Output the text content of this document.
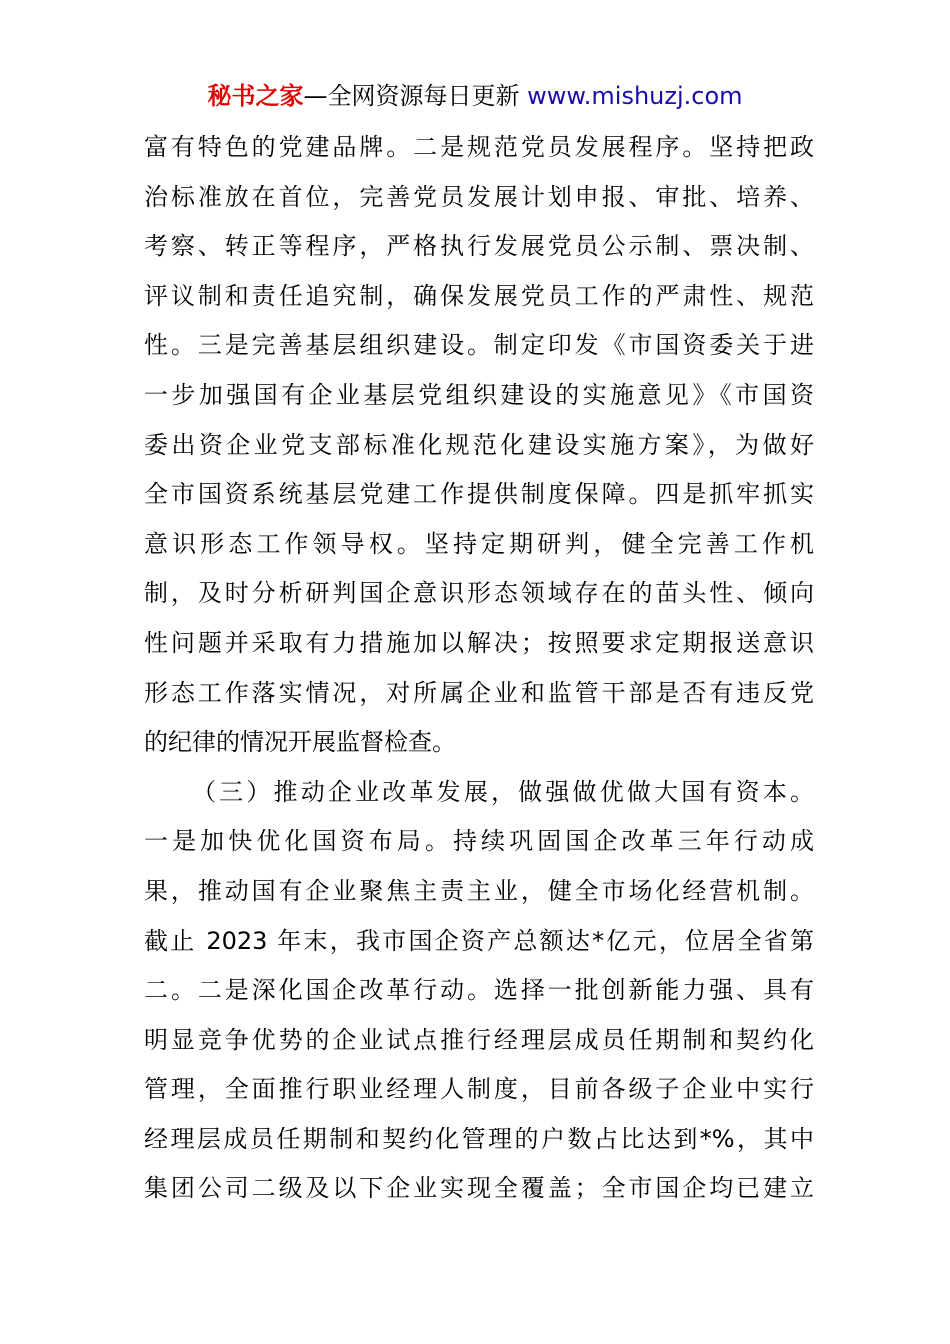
秘书之家—全网资源每日更新 www.mishuzj.com
富有特色的党建品牌。二是规范党员发展程序。坚持把政
治标准放在首位，完善党员发展计划申报、审批、培养、
考察、转正等程序，严格执行发展党员公示制、票决制、
评议制和责任追究制，确保发展党员工作的严肃性、规范
性。三是完善基层组织建设。制定印发《市国资委关于进
一步加强国有企业基层党组织建设的实施意见》《市国资
委出资企业党支部标准化规范化建设实施方案》，为做好
全市国资系统基层党建工作提供制度保障。四是抓牢抓实
意识形态工作领导权。坚持定期研判，健全完善工作机
制，及时分析研判国企意识形态领域存在的苗头性、倾向
性问题并采取有力措施加以解决；按照要求定期报送意识
形态工作落实情况，对所属企业和监管干部是否有违反党
的纪律的情况开展监督检查。
（三）推动企业改革发展，做强做优做大国有资本。
一是加快优化国资布局。持续巩固国企改革三年行动成
果，推动国有企业聚焦主责主业，健全市场化经营机制。
截止 2023 年末，我市国企资产总额达*亿元，位居全省第
二。二是深化国企改革行动。选择一批创新能力强、具有
明显竞争优势的企业试点推行经理层成员任期制和契约化
管理，全面推行职业经理人制度，目前各级子企业中实行
经理层成员任期制和契约化管理的户数占比达到*%，其中
集团公司二级及以下企业实现全覆盖；全市国企均已建立
